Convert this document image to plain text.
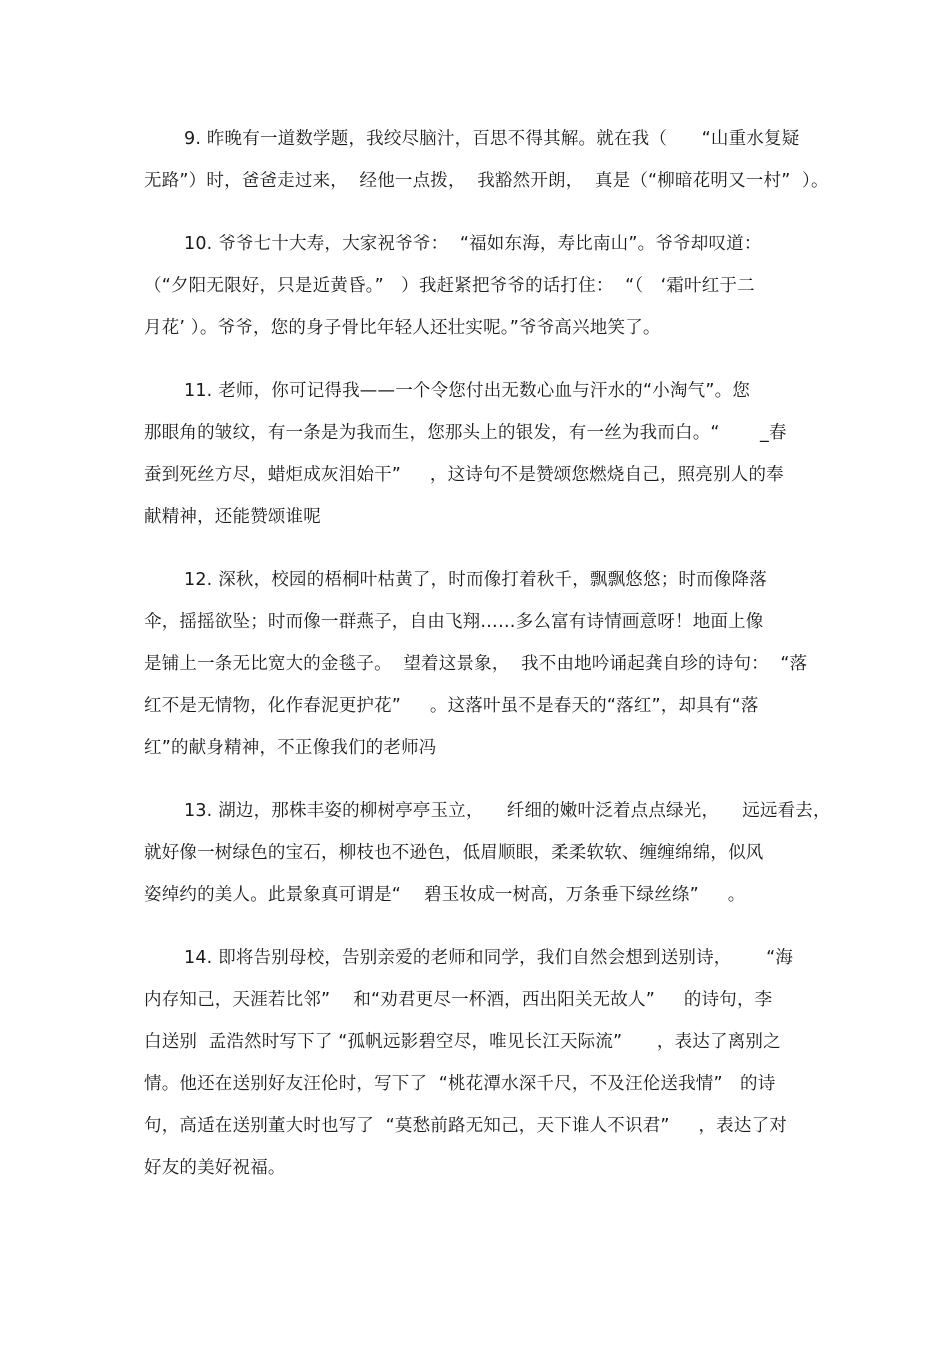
9. 昨晚有一道数学题，我绞尽脑汁，百思不得其解。就在我（      “山重水复疑
无路”）时，爸爸走过来，  经他一点拨，  我豁然开朗，  真是（“柳暗花明又一村”  ）。
10. 爷爷七十大寿，大家祝爷爷：  “福如东海，寿比南山”。爷爷却叹道：
（“夕阳无限好，只是近黄昏。”   ）我赶紧把爷爷的话打住：  “（   ‘霜叶红于二
月花’ ）。爷爷，您的身子骨比年轻人还壮实呢。”爷爷高兴地笑了。
11. 老师，你可记得我——一个令您付出无数心血与汗水的“小淘气”。您
那眼角的皱纹，有一条是为我而生，您那头上的银发，有一丝为我而白。“       _春
蚕到死丝方尽，蜡炬成灰泪始干”     ，这诗句不是赞颂您燃烧自己，照亮别人的奉
献精神，还能赞颂谁呢
12. 深秋，校园的梧桐叶枯黄了，时而像打着秋千，飘飘悠悠；时而像降落
伞，摇摇欲坠；时而像一群燕子，自由飞翔……多么富有诗情画意呀！地面上像
是铺上一条无比宽大的金毯子。  望着这景象，  我不由地吟诵起龚自珍的诗句：  “落
红不是无情物，化作春泥更护花”     。这落叶虽不是春天的“落红”，却具有“落
红”的献身精神，不正像我们的老师冯
13. 湖边，那株丰姿的柳树亭亭玉立，    纤细的嫩叶泛着点点绿光，    远远看去，
就好像一树绿色的宝石，柳枝也不逊色，低眉顺眼，柔柔软软、缠缠绵绵，似风
姿绰约的美人。此景象真可谓是“    碧玉妆成一树高，万条垂下绿丝绦”     。
14. 即将告别母校，告别亲爱的老师和同学，我们自然会想到送别诗，      “海
内存知己，天涯若比邻”    和“劝君更尽一杯酒，西出阳关无故人”     的诗句，李
白送别  孟浩然时写下了 “孤帆远影碧空尽，唯见长江天际流”      ，表达了离别之
情。他还在送别好友汪伦时，写下了  “桃花潭水深千尺，不及汪伦送我情”   的诗
句，高适在送别董大时也写了  “莫愁前路无知己，天下谁人不识君”     ，表达了对
好友的美好祝福。
